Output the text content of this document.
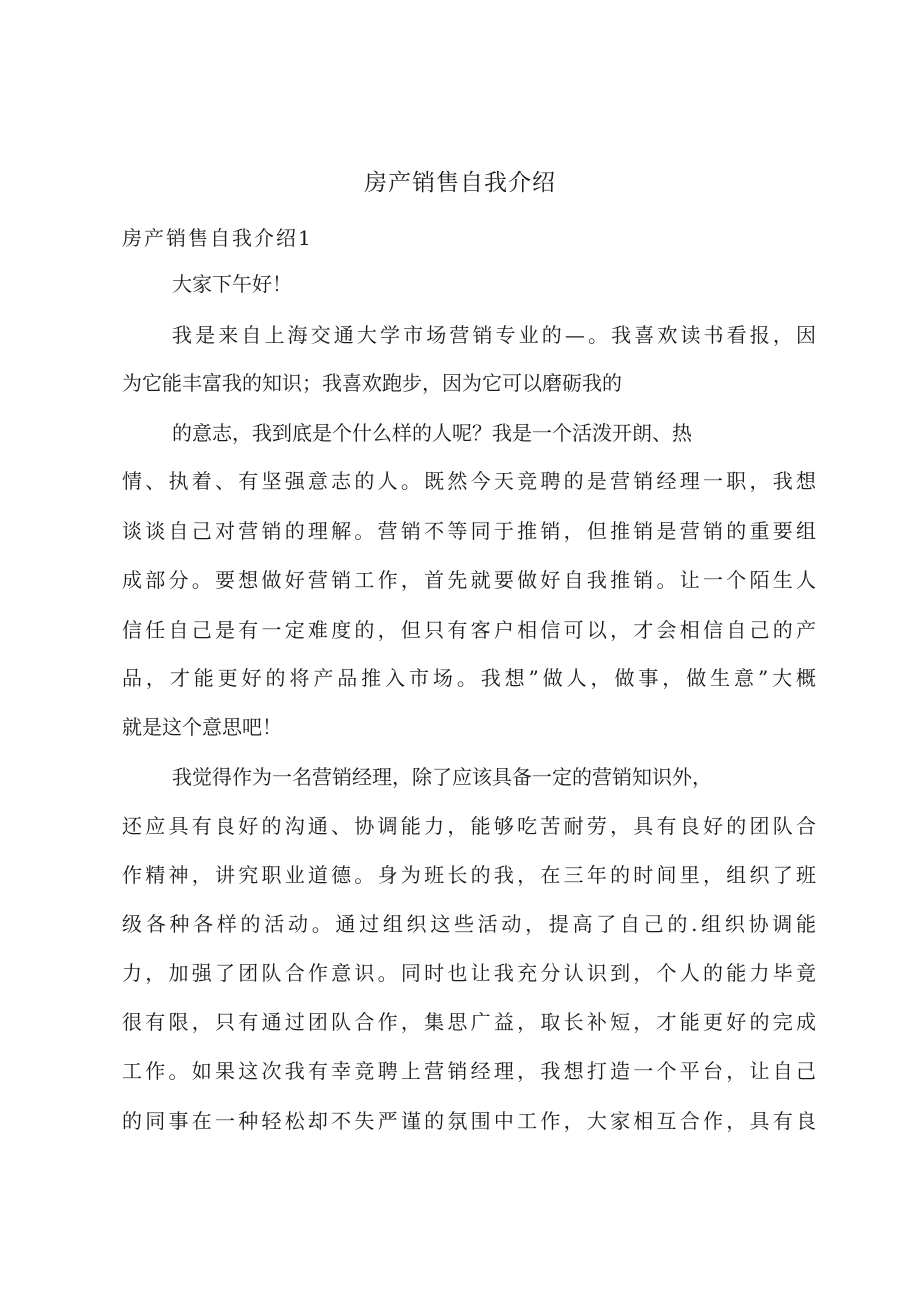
房产销售自我介绍
房产销售自我介绍1
大家下午好！
我是来自上海交通大学市场营销专业的—。我喜欢读书看报，因
为它能丰富我的知识；我喜欢跑步，因为它可以磨砺我的
的意志，我到底是个什么样的人呢？我是一个活泼开朗、热
情、执着、有坚强意志的人。既然今天竞聘的是营销经理一职，我想
谈谈自己对营销的理解。营销不等同于推销，但推销是营销的重要组
成部分。要想做好营销工作，首先就要做好自我推销。让一个陌生人
信任自己是有一定难度的，但只有客户相信可以，才会相信自己的产
品，才能更好的将产品推入市场。我想”做人，做事，做生意”大概
就是这个意思吧！
我觉得作为一名营销经理，除了应该具备一定的营销知识外，
还应具有良好的沟通、协调能力，能够吃苦耐劳，具有良好的团队合
作精神，讲究职业道德。身为班长的我，在三年的时间里，组织了班
级各种各样的活动。通过组织这些活动，提高了自己的.组织协调能
力，加强了团队合作意识。同时也让我充分认识到，个人的能力毕竟
很有限，只有通过团队合作，集思广益，取长补短，才能更好的完成
工作。如果这次我有幸竞聘上营销经理，我想打造一个平台，让自己
的同事在一种轻松却不失严谨的氛围中工作，大家相互合作，具有良
